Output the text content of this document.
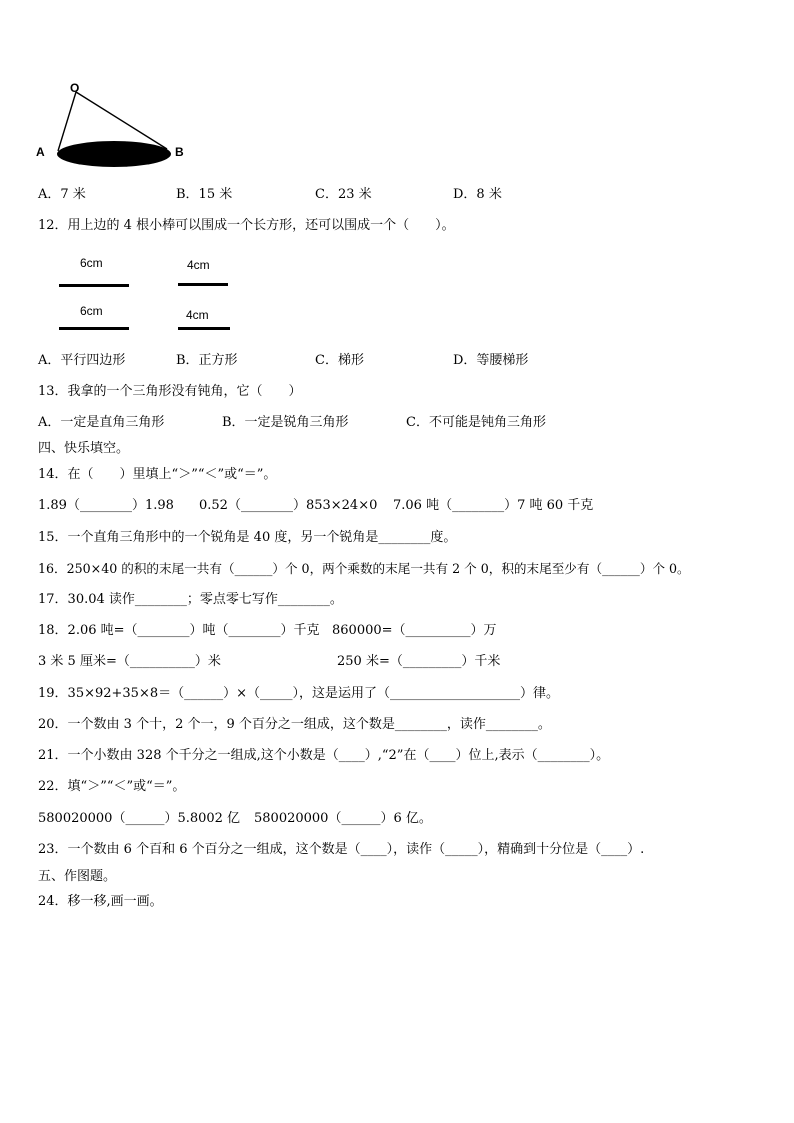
O
A	B
A．7 米	B．15 米	C．23 米	D．8 米
12．用上边的 4 根小棒可以围成一个长方形，还可以围成一个（　　）。
6cm	4cm
6cm	4cm
A．平行四边形	B．正方形	C．梯形	D．等腰梯形
13．我拿的一个三角形没有钝角，它（　　）
A．一定是直角三角形	B．一定是锐角三角形	C．不可能是钝角三角形
四、快乐填空。
14．在（　　）里填上“＞”“＜”或“＝”。
1.89（________）1.98 0.52（________）853×24×0 7.06 吨（________）7 吨 60 千克
15．一个直角三角形中的一个锐角是 40 度，另一个锐角是________度。
16．250×40 的积的末尾一共有（______）个 0，两个乘数的末尾一共有 2 个 0，积的末尾至少有（______）个 0。
17．30.04 读作________；零点零七写作________。
18．2.06 吨=（________）吨（________）千克 860000=（__________）万
3 米 5 厘米=（__________）米	250 米=（_________）千米
19．35×92+35×8＝（______）×（_____），这是运用了（____________________）律。
20．一个数由 3 个十，2 个一，9 个百分之一组成，这个数是________，读作________。
21．一个小数由 328 个千分之一组成,这个小数是（____）,“2”在（____）位上,表示（________）。
22．填“＞”“＜”或“＝”。
580020000（______）5.8002 亿 580020000（______）6 亿。
23．一个数由 6 个百和 6 个百分之一组成，这个数是（____），读作（_____），精确到十分位是（____）.
五、作图题。
24．移一移,画一画。
